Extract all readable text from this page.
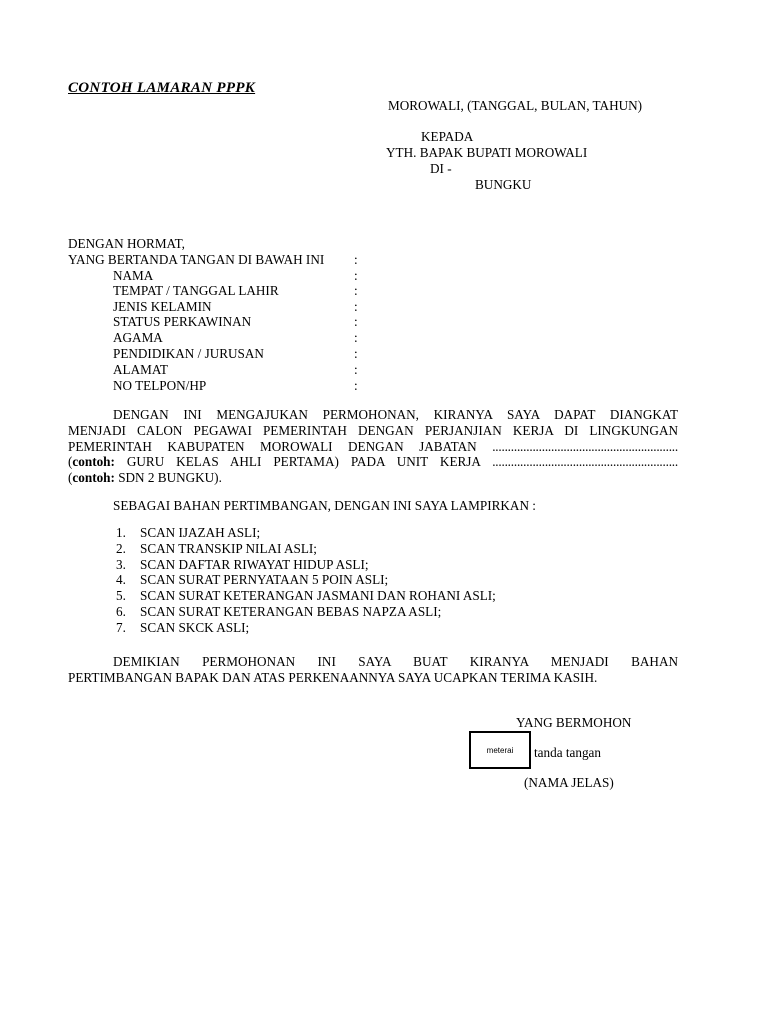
CONTOH LAMARAN PPPK
MOROWALI, (TANGGAL, BULAN, TAHUN)
KEPADA
YTH. BAPAK BUPATI MOROWALI
DI -
BUNGKU
DENGAN HORMAT,
YANG BERTANDA TANGAN DI BAWAH INI :
NAMA	:
TEMPAT / TANGGAL LAHIR	:
JENIS KELAMIN	:
STATUS PERKAWINAN	:
AGAMA	:
PENDIDIKAN / JURUSAN	:
ALAMAT	:
NO TELPON/HP	:
DENGAN INI MENGAJUKAN PERMOHONAN, KIRANYA SAYA DAPAT DIANGKAT
MENJADI CALON PEGAWAI PEMERINTAH DENGAN PERJANJIAN KERJA DI LINGKUNGAN
PEMERINTAH KABUPATEN MOROWALI DENGAN JABATAN ............................................................
(contoh: GURU KELAS AHLI PERTAMA) PADA UNIT KERJA ............................................................
(contoh: SDN 2 BUNGKU).
SEBAGAI BAHAN PERTIMBANGAN, DENGAN INI SAYA LAMPIRKAN :
1. SCAN IJAZAH ASLI;
2. SCAN TRANSKIP NILAI ASLI;
3. SCAN DAFTAR RIWAYAT HIDUP ASLI;
4. SCAN SURAT PERNYATAAN 5 POIN ASLI;
5. SCAN SURAT KETERANGAN JASMANI DAN ROHANI ASLI;
6. SCAN SURAT KETERANGAN BEBAS NAPZA ASLI;
7. SCAN SKCK ASLI;
DEMIKIAN PERMOHONAN INI SAYA BUAT KIRANYA MENJADI BAHAN
PERTIMBANGAN BAPAK DAN ATAS PERKENAANNYA SAYA UCAPKAN TERIMA KASIH.
YANG BERMOHON
meterai tanda tangan
(NAMA JELAS)
